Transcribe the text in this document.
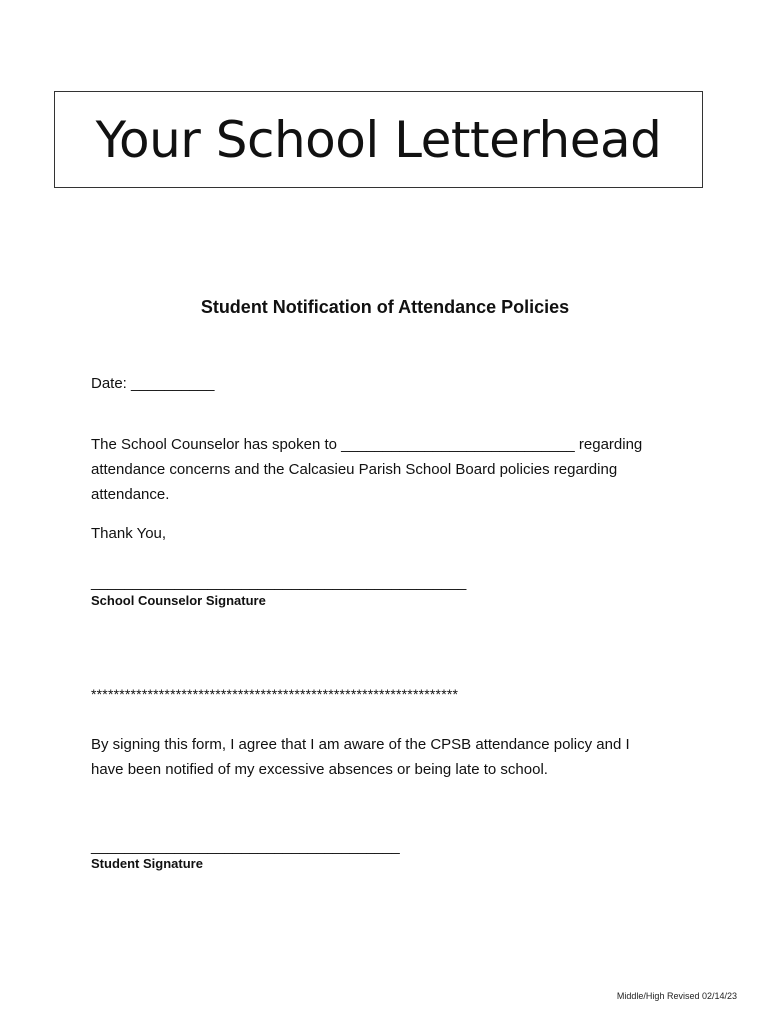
Your School Letterhead
Student Notification of Attendance Policies
Date: __________
The School Counselor has spoken to ____________________________ regarding
attendance concerns and the Calcasieu Parish School Board policies regarding
attendance.
Thank You,
_____________________________________________
School Counselor Signature
*****************************************************************
By signing this form, I agree that I am aware of the CPSB attendance policy and I
have been notified of my excessive absences or being late to school.
_____________________________________
Student Signature
Middle/High Revised 02/14/23
